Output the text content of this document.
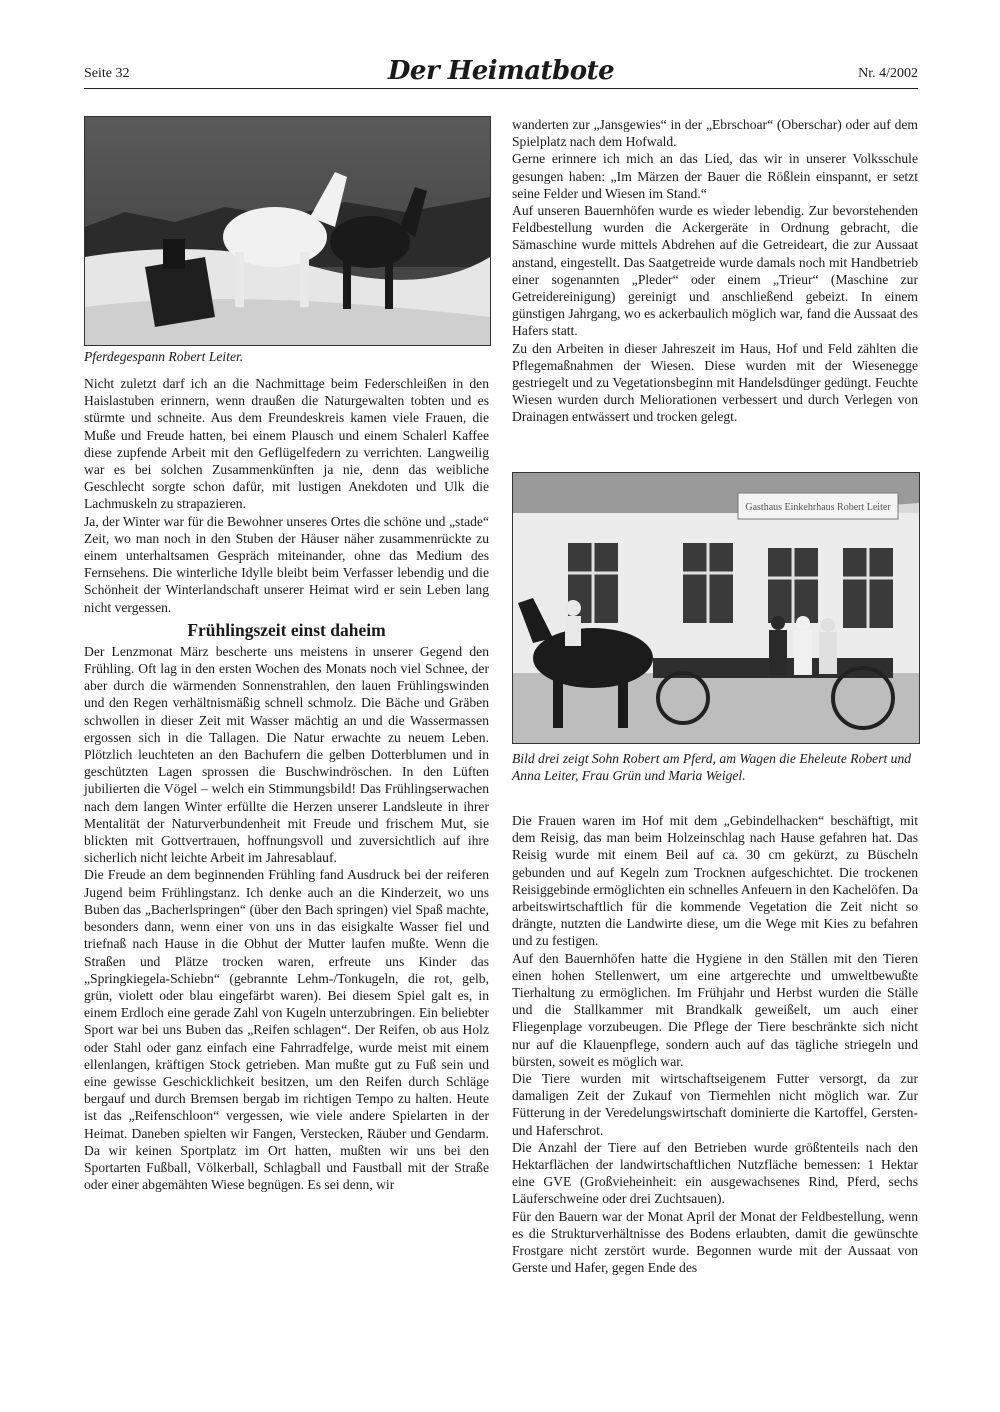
Seite 32	Der Heimatbote	Nr. 4/2002
Pferdegespann Robert Leiter.

Nicht zuletzt darf ich an die Nachmittage beim Federschleißen in den Haislastuben erinnern, wenn draußen die Naturgewalten tobten und es stürmte und schneite. Aus dem Freundeskreis kamen viele Frauen, die Muße und Freude hatten, bei einem Plausch und einem Schalerl Kaffee diese zupfende Arbeit mit den Geflügelfedern zu verrichten. Langweilig war es bei solchen Zusammenkünften ja nie, denn das weibliche Geschlecht sorgte schon dafür, mit lustigen Anekdoten und Ulk die Lachmuskeln zu strapazieren.

Ja, der Winter war für die Bewohner unseres Ortes die schöne und „stade“ Zeit, wo man noch in den Stuben der Häuser näher zusammenrückte zu einem unterhaltsamen Gespräch miteinander, ohne das Medium des Fernsehens. Die winterliche Idylle bleibt beim Verfasser lebendig und die Schönheit der Winterlandschaft unserer Heimat wird er sein Leben lang nicht vergessen.

Frühlingszeit einst daheim

Der Lenzmonat März bescherte uns meistens in unserer Gegend den Frühling. Oft lag in den ersten Wochen des Monats noch viel Schnee, der aber durch die wärmenden Sonnenstrahlen, den lauen Frühlingswinden und den Regen verhältnismäßig schnell schmolz. Die Bäche und Gräben schwollen in dieser Zeit mit Wasser mächtig an und die Wassermassen ergossen sich in die Tallagen. Die Natur erwachte zu neuem Leben. Plötzlich leuchteten an den Bachufern die gelben Dotterblumen und in geschützten Lagen sprossen die Buschwindröschen. In den Lüften jubilierten die Vögel – welch ein Stimmungsbild! Das Frühlingserwachen nach dem langen Winter erfüllte die Herzen unserer Landsleute in ihrer Mentalität der Naturverbundenheit mit Freude und frischem Mut, sie blickten mit Gottvertrauen, hoffnungsvoll und zuversichtlich auf ihre sicherlich nicht leichte Arbeit im Jahresablauf.

Die Freude an dem beginnenden Frühling fand Ausdruck bei der reiferen Jugend beim Frühlingstanz. Ich denke auch an die Kinderzeit, wo uns Buben das „Bacherlspringen“ (über den Bach springen) viel Spaß machte, besonders dann, wenn einer von uns in das eisigkalte Wasser fiel und triefnaß nach Hause in die Obhut der Mutter laufen mußte. Wenn die Straßen und Plätze trocken waren, erfreute uns Kinder das „Springkiegela-Schiebn“ (gebrannte Lehm-/Tonkugeln, die rot, gelb, grün, violett oder blau eingefärbt waren). Bei diesem Spiel galt es, in einem Erdloch eine gerade Zahl von Kugeln unterzubringen. Ein beliebter Sport war bei uns Buben das „Reifen schlagen“. Der Reifen, ob aus Holz oder Stahl oder ganz einfach eine Fahrradfelge, wurde meist mit einem ellenlangen, kräftigen Stock getrieben. Man mußte gut zu Fuß sein und eine gewisse Geschicklichkeit besitzen, um den Reifen durch Schläge bergauf und durch Bremsen bergab im richtigen Tempo zu halten. Heute ist das „Reifenschloon“ vergessen, wie viele andere Spielarten in der Heimat. Daneben spielten wir Fangen, Verstecken, Räuber und Gendarm. Da wir keinen Sportplatz im Ort hatten, mußten wir uns bei den Sportarten Fußball, Völkerball, Schlagball und Faustball mit der Straße oder einer abgemähten Wiese begnügen. Es sei denn, wir

wanderten zur „Jansgewies“ in der „Ebrschoar“ (Oberschar) oder auf dem Spielplatz nach dem Hofwald.

Gerne erinnere ich mich an das Lied, das wir in unserer Volksschule gesungen haben: „Im Märzen der Bauer die Rößlein einspannt, er setzt seine Felder und Wiesen im Stand.“

Auf unseren Bauernhöfen wurde es wieder lebendig. Zur bevorstehenden Feldbestellung wurden die Ackergeräte in Ordnung gebracht, die Sämaschine wurde mittels Abdrehen auf die Getreideart, die zur Aussaat anstand, eingestellt. Das Saatgetreide wurde damals noch mit Handbetrieb einer sogenannten „Pleder“ oder einem „Trieur“ (Maschine zur Getreidereinigung) gereinigt und anschließend gebeizt. In einem günstigen Jahrgang, wo es ackerbaulich möglich war, fand die Aussaat des Hafers statt.

Zu den Arbeiten in dieser Jahreszeit im Haus, Hof und Feld zählten die Pflegemaßnahmen der Wiesen. Diese wurden mit der Wiesenegge gestriegelt und zu Vegetationsbeginn mit Handelsdünger gedüngt. Feuchte Wiesen wurden durch Meliorationen verbessert und durch Verlegen von Drainagen entwässert und trocken gelegt.

Gasthaus Einkehrhaus Robert Leiter
Bild drei zeigt Sohn Robert am Pferd, am Wagen die Eheleute Robert und Anna Leiter, Frau Grün und Maria Weigel.

Die Frauen waren im Hof mit dem „Gebindelhacken“ beschäftigt, mit dem Reisig, das man beim Holzeinschlag nach Hause gefahren hat. Das Reisig wurde mit einem Beil auf ca. 30 cm gekürzt, zu Büscheln gebunden und auf Kegeln zum Trocknen aufgeschichtet. Die trockenen Reisiggebinde ermöglichten ein schnelles Anfeuern in den Kachelöfen. Da arbeitswirtschaftlich für die kommende Vegetation die Zeit nicht so drängte, nutzten die Landwirte diese, um die Wege mit Kies zu befahren und zu festigen.

Auf den Bauernhöfen hatte die Hygiene in den Ställen mit den Tieren einen hohen Stellenwert, um eine artgerechte und umweltbewußte Tierhaltung zu ermöglichen. Im Frühjahr und Herbst wurden die Ställe und die Stallkammer mit Brandkalk geweißelt, um auch einer Fliegenplage vorzubeugen. Die Pflege der Tiere beschränkte sich nicht nur auf die Klauenpflege, sondern auch auf das tägliche striegeln und bürsten, soweit es möglich war.

Die Tiere wurden mit wirtschaftseigenem Futter versorgt, da zur damaligen Zeit der Zukauf von Tiermehlen nicht möglich war. Zur Fütterung in der Veredelungswirtschaft dominierte die Kartoffel, Gersten- und Haferschrot.

Die Anzahl der Tiere auf den Betrieben wurde größtenteils nach den Hektarflächen der landwirtschaftlichen Nutzfläche bemessen: 1 Hektar eine GVE (Großvieheinheit: ein ausgewachsenes Rind, Pferd, sechs Läuferschweine oder drei Zuchtsauen).

Für den Bauern war der Monat April der Monat der Feldbestellung, wenn es die Strukturverhältnisse des Bodens erlaubten, damit die gewünschte Frostgare nicht zerstört wurde. Begonnen wurde mit der Aussaat von Gerste und Hafer, gegen Ende des
